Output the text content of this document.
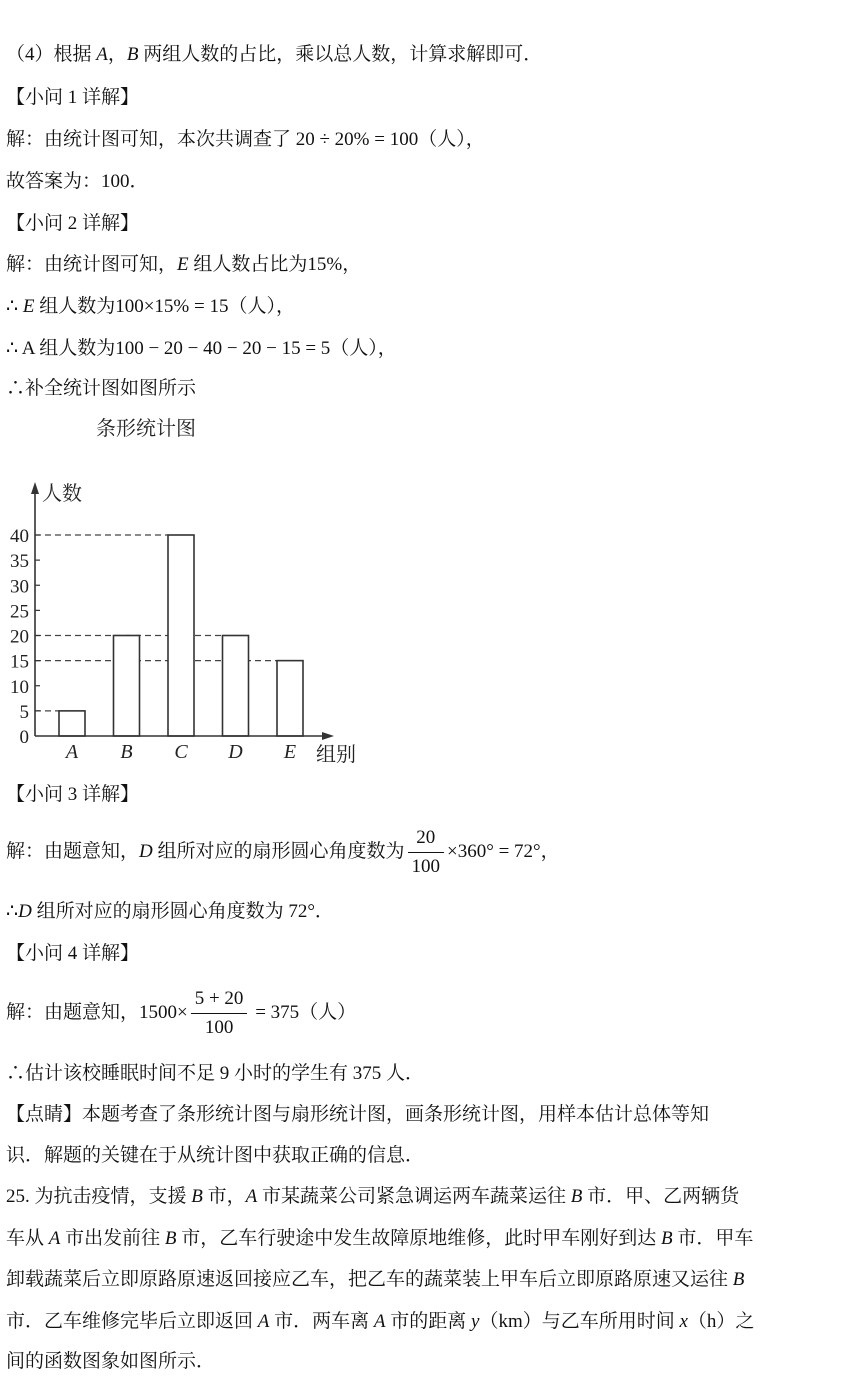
（4）根据 A，B 两组人数的占比，乘以总人数，计算求解即可．
【小问 1 详解】
解：由统计图可知，本次共调查了 20 ÷ 20% = 100（人），
故答案为：100．
【小问 2 详解】
解：由统计图可知，E 组人数占比为15%，
∴ E 组人数为100×15% = 15（人），
∴ A 组人数为100 − 20 − 40 − 20 − 15 = 5（人），
∴补全统计图如图所示
条形统计图
0
5
10
15
20
25
30
35
40
A B C D E
人数
组别
【小问 3 详解】
解：由题意知，D 组所对应的扇形圆心角度数为 $\frac{20}{100} \times 360^\circ = 72^\circ$，
∴D 组所对应的扇形圆心角度数为 72°．
【小问 4 详解】
解：由题意知，$1500\times \frac{5 + 20}{100} = 375$（人）
∴估计该校睡眠时间不足 9 小时的学生有 375 人．
【点睛】本题考查了条形统计图与扇形统计图，画条形统计图，用样本估计总体等知
识．解题的关键在于从统计图中获取正确的信息．
25. 为抗击疫情，支援 B 市，A 市某蔬菜公司紧急调运两车蔬菜运往 B 市．甲、乙两辆货
车从 A 市出发前往 B 市，乙车行驶途中发生故障原地维修，此时甲车刚好到达 B 市．甲车
卸载蔬菜后立即原路原速返回接应乙车，把乙车的蔬菜装上甲车后立即原路原速又运往 B
市．乙车维修完毕后立即返回 A 市．两车离 A 市的距离 y（km）与乙车所用时间 x（h）之
间的函数图象如图所示．
